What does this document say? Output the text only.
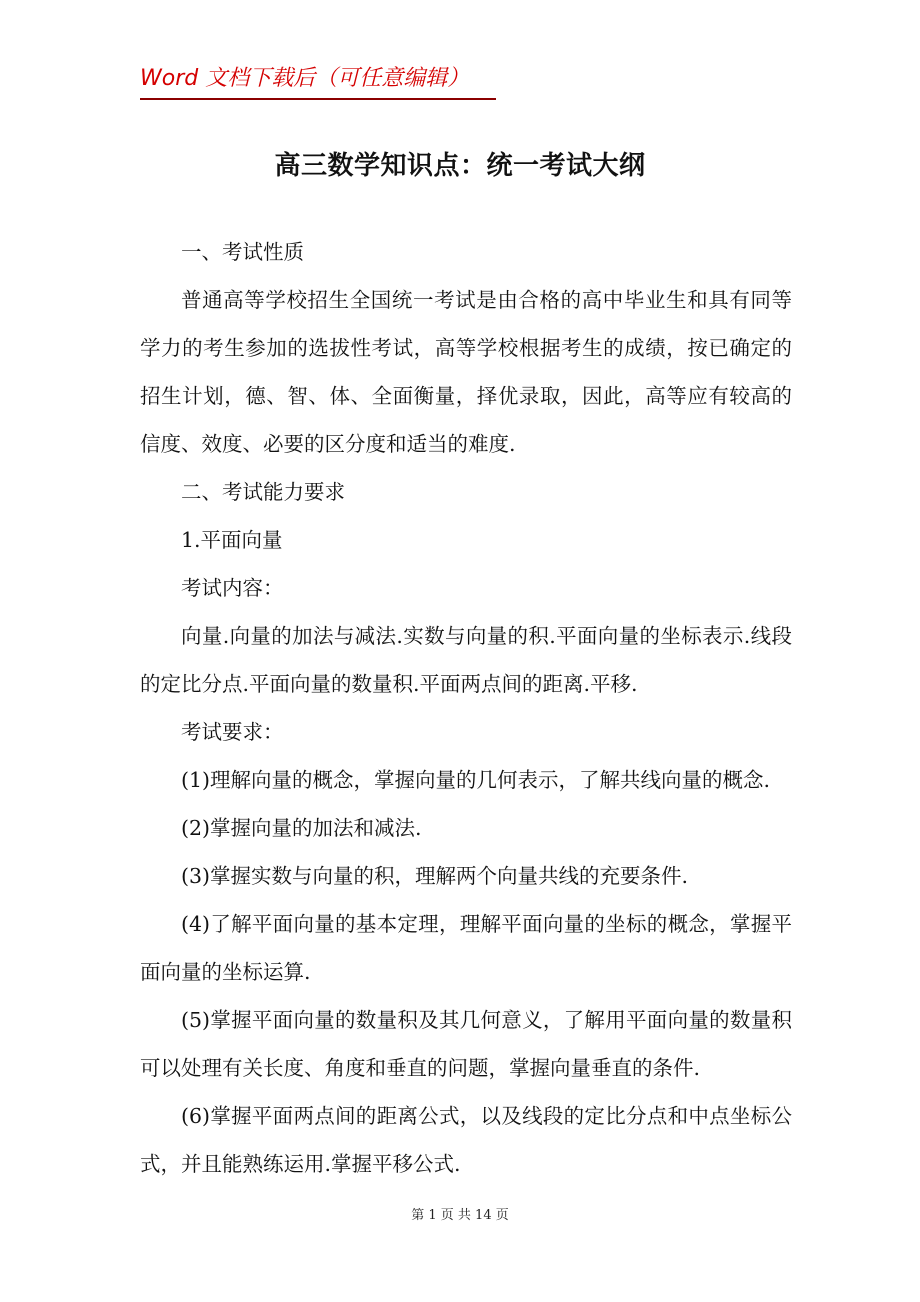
Word 文档下载后（可任意编辑）
高三数学知识点：统一考试大纲

一、考试性质

普通高等学校招生全国统一考试是由合格的高中毕业生和具有同等学力的考生参加的选拔性考试，高等学校根据考生的成绩，按已确定的招生计划，德、智、体、全面衡量，择优录取，因此，高等应有较高的信度、效度、必要的区分度和适当的难度.

二、考试能力要求

1.平面向量

考试内容：

向量.向量的加法与减法.实数与向量的积.平面向量的坐标表示.线段的定比分点.平面向量的数量积.平面两点间的距离.平移.

考试要求：

(1)理解向量的概念，掌握向量的几何表示，了解共线向量的概念.

(2)掌握向量的加法和减法.

(3)掌握实数与向量的积，理解两个向量共线的充要条件.

(4)了解平面向量的基本定理，理解平面向量的坐标的概念，掌握平面向量的坐标运算.

(5)掌握平面向量的数量积及其几何意义，了解用平面向量的数量积可以处理有关长度、角度和垂直的问题，掌握向量垂直的条件.

(6)掌握平面两点间的距离公式，以及线段的定比分点和中点坐标公式，并且能熟练运用.掌握平移公式.

第 1 页 共 14 页
